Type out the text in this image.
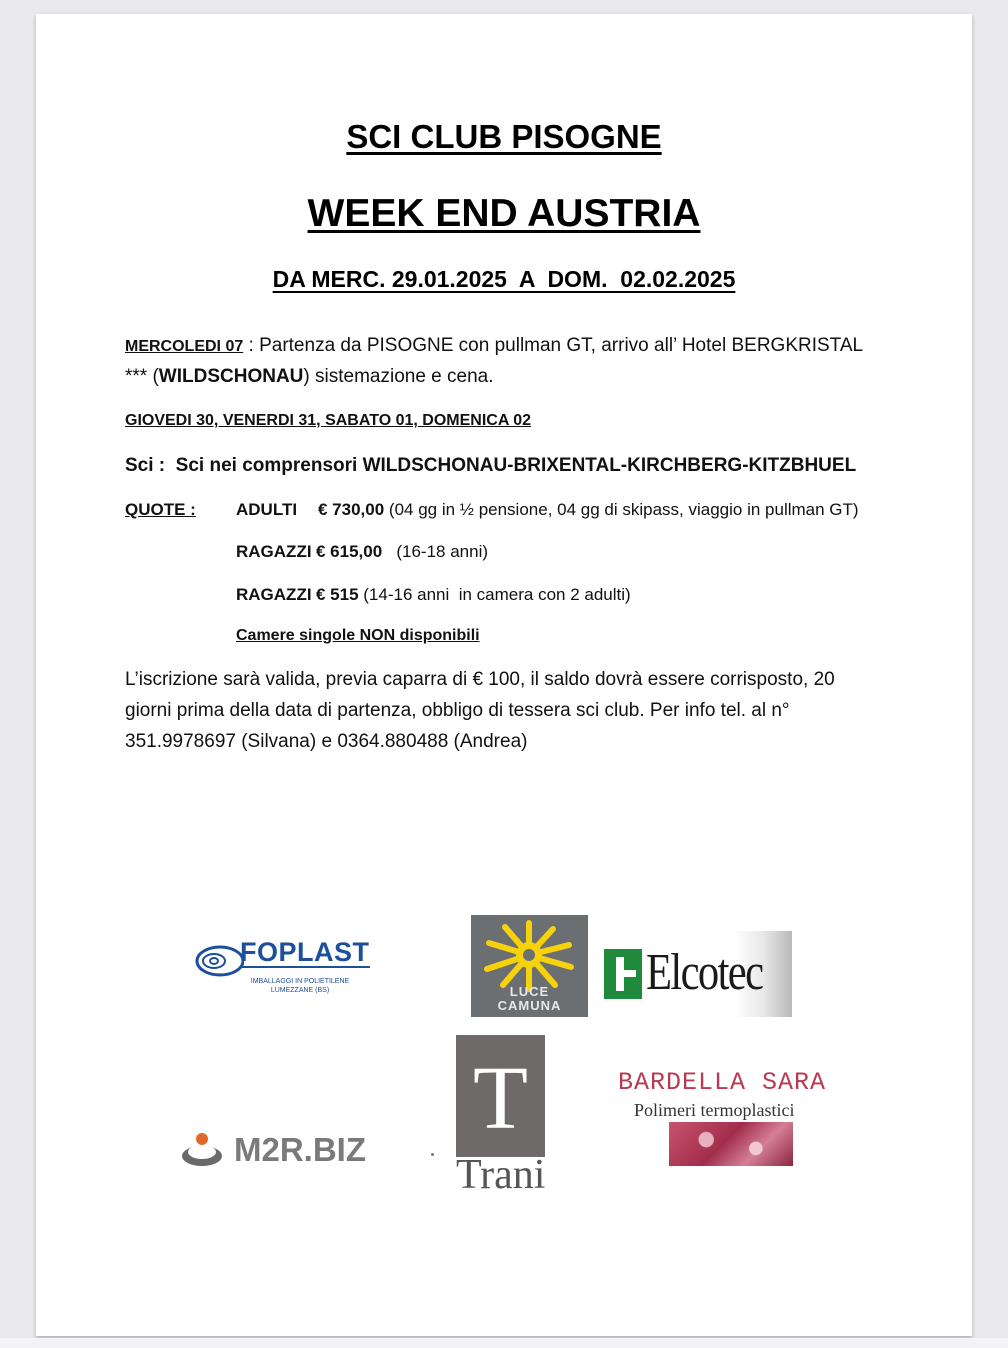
SCI CLUB PISOGNE
WEEK END AUSTRIA
DA MERC. 29.01.2025  A  DOM.  02.02.2025
MERCOLEDI 07 : Partenza da PISOGNE con pullman GT, arrivo all’ Hotel BERGKRISTAL
*** (WILDSCHONAU) sistemazione e cena.
GIOVEDI 30, VENERDI 31, SABATO 01, DOMENICA 02
Sci :  Sci nei comprensori WILDSCHONAU-BRIXENTAL-KIRCHBERG-KITZBHUEL
QUOTE : ADULTI € 730,00 (04 gg in ½ pensione, 04 gg di skipass, viaggio in pullman GT)
RAGAZZI € 615,00   (16-18 anni)
RAGAZZI € 515 (14-16 anni  in camera con 2 adulti)
Camere singole NON disponibili
L’iscrizione sarà valida, previa caparra di € 100, il saldo dovrà essere corrisposto, 20
giorni prima della data di partenza, obbligo di tessera sci club. Per info tel. al n°
351.9978697 (Silvana) e 0364.880488 (Andrea)
FOPLAST
IMBALLAGGI IN POLIETILENE
LUMEZZANE (BS)	LUCE
CAMUNA
Elcotec
T
Trani
M2R.BIZ
BARDELLA SARA
Polimeri termoplastici
